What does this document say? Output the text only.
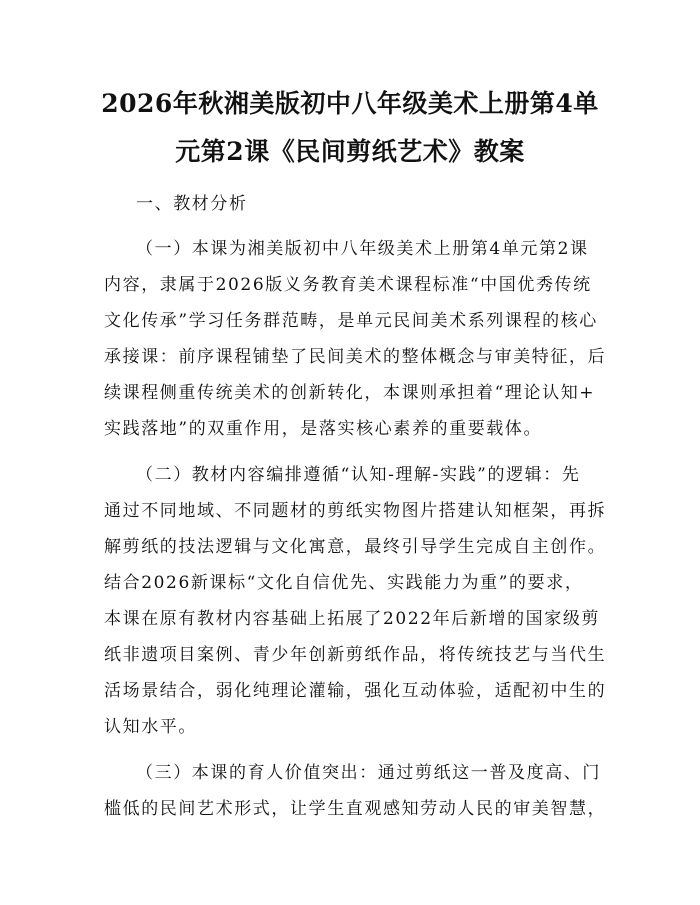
2026年秋湘美版初中八年级美术上册第4单
元第2课《民间剪纸艺术》教案
一、教材分析
（一）本课为湘美版初中八年级美术上册第4单元第2课
内容，隶属于2026版义务教育美术课程标准“中国优秀传统
文化传承”学习任务群范畴，是单元民间美术系列课程的核心
承接课：前序课程铺垫了民间美术的整体概念与审美特征，后
续课程侧重传统美术的创新转化，本课则承担着“理论认知+
实践落地”的双重作用，是落实核心素养的重要载体。
（二）教材内容编排遵循“认知-理解-实践”的逻辑：先
通过不同地域、不同题材的剪纸实物图片搭建认知框架，再拆
解剪纸的技法逻辑与文化寓意，最终引导学生完成自主创作。
结合2026新课标“文化自信优先、实践能力为重”的要求，
本课在原有教材内容基础上拓展了2022年后新增的国家级剪
纸非遗项目案例、青少年创新剪纸作品，将传统技艺与当代生
活场景结合，弱化纯理论灌输，强化互动体验，适配初中生的
认知水平。
（三）本课的育人价值突出：通过剪纸这一普及度高、门
槛低的民间艺术形式，让学生直观感知劳动人民的审美智慧，
